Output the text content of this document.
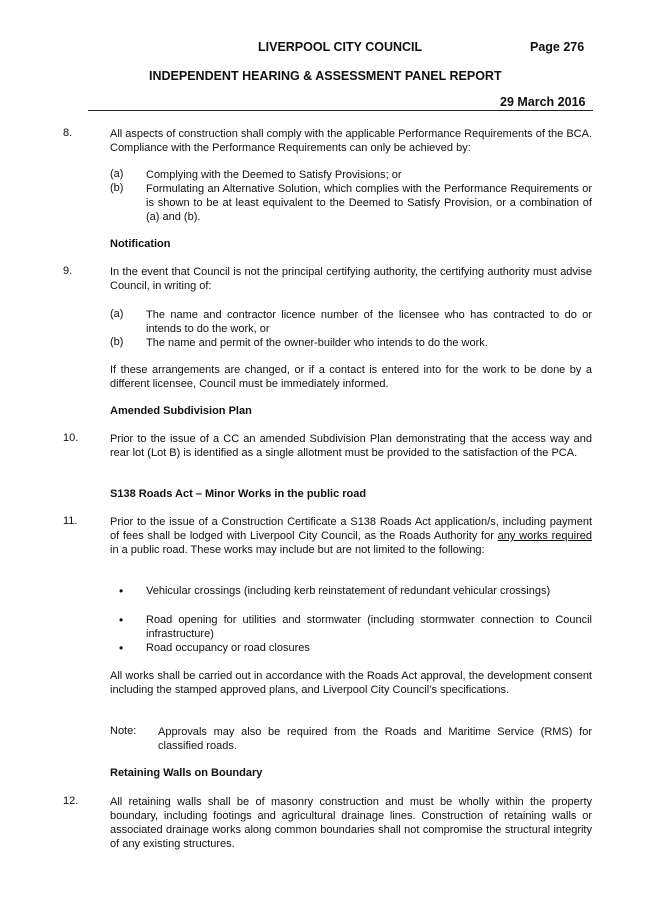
LIVERPOOL CITY COUNCIL	Page 276
INDEPENDENT HEARING & ASSESSMENT PANEL REPORT
29 March 2016
8.	All aspects of construction shall comply with the applicable Performance Requirements of the BCA. Compliance with the Performance Requirements can only be achieved by:
(a) Complying with the Deemed to Satisfy Provisions; or
(b) Formulating an Alternative Solution, which complies with the Performance Requirements or is shown to be at least equivalent to the Deemed to Satisfy Provision, or a combination of (a) and (b).
Notification
9.	In the event that Council is not the principal certifying authority, the certifying authority must advise Council, in writing of:
(a) The name and contractor licence number of the licensee who has contracted to do or intends to do the work, or
(b) The name and permit of the owner-builder who intends to do the work.
If these arrangements are changed, or if a contact is entered into for the work to be done by a different licensee, Council must be immediately informed.
Amended Subdivision Plan
10.	Prior to the issue of a CC an amended Subdivision Plan demonstrating that the access way and rear lot (Lot B) is identified as a single allotment must be provided to the satisfaction of the PCA.
S138 Roads Act – Minor Works in the public road
11.	Prior to the issue of a Construction Certificate a S138 Roads Act application/s, including payment of fees shall be lodged with Liverpool City Council, as the Roads Authority for any works required in a public road. These works may include but are not limited to the following:
• Vehicular crossings (including kerb reinstatement of redundant vehicular crossings)
• Road opening for utilities and stormwater (including stormwater connection to Council infrastructure)
• Road occupancy or road closures
All works shall be carried out in accordance with the Roads Act approval, the development consent including the stamped approved plans, and Liverpool City Council’s specifications.
Note: Approvals may also be required from the Roads and Maritime Service (RMS) for classified roads.
Retaining Walls on Boundary
12.	All retaining walls shall be of masonry construction and must be wholly within the property boundary, including footings and agricultural drainage lines. Construction of retaining walls or associated drainage works along common boundaries shall not compromise the structural integrity of any existing structures.
